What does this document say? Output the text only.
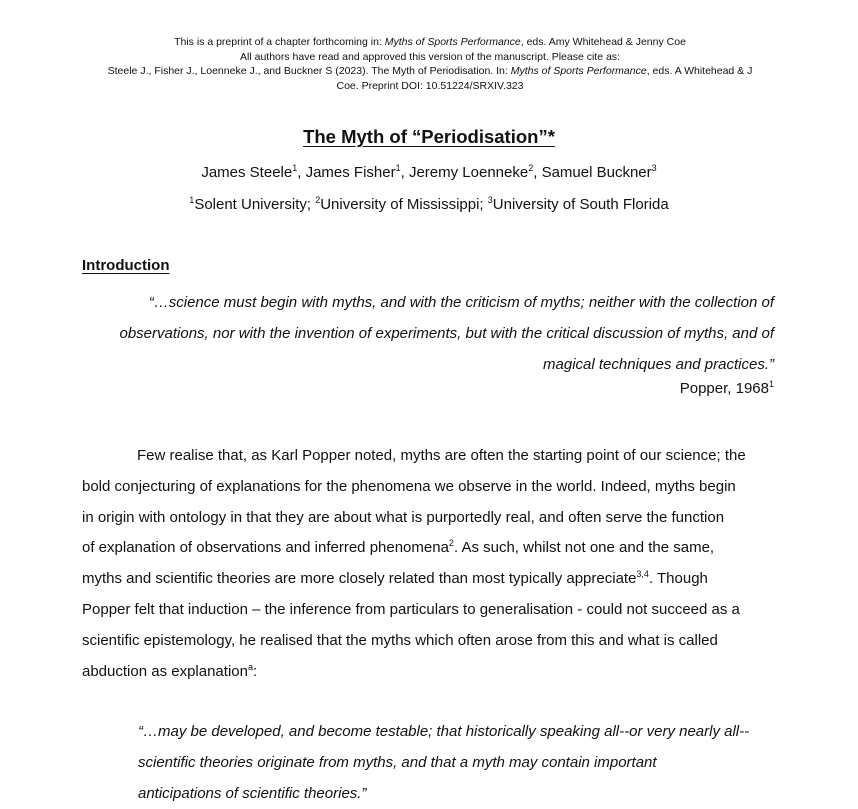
This is a preprint of a chapter forthcoming in: Myths of Sports Performance, eds. Amy Whitehead & Jenny Coe
All authors have read and approved this version of the manuscript. Please cite as:
Steele J., Fisher J., Loenneke J., and Buckner S (2023). The Myth of Periodisation. In: Myths of Sports Performance, eds. A Whitehead & J
Coe. Preprint DOI: 10.51224/SRXIV.323
The Myth of “Periodisation”*
James Steele$^1$, James Fisher$^1$, Jeremy Loenneke$^2$, Samuel Buckner$^3$
$^1$Solent University; $^2$University of Mississippi; $^3$University of South Florida
Introduction
“…science must begin with myths, and with the criticism of myths; neither with the collection of
observations, nor with the invention of experiments, but with the critical discussion of myths, and of
magical techniques and practices.”
Popper, 1968$^1$
Few realise that, as Karl Popper noted, myths are often the starting point of our science; the
bold conjecturing of explanations for the phenomena we observe in the world. Indeed, myths begin
in origin with ontology in that they are about what is purportedly real, and often serve the function
of explanation of observations and inferred phenomena$^2$. As such, whilst not one and the same,
myths and scientific theories are more closely related than most typically appreciate$^{3,4}$. Though
Popper felt that induction – the inference from particulars to generalisation - could not succeed as a
scientific epistemology, he realised that the myths which often arose from this and what is called
abduction as explanation$^a$:
“…may be developed, and become testable; that historically speaking all--or very nearly all--
scientific theories originate from myths, and that a myth may contain important
anticipations of scientific theories.”
